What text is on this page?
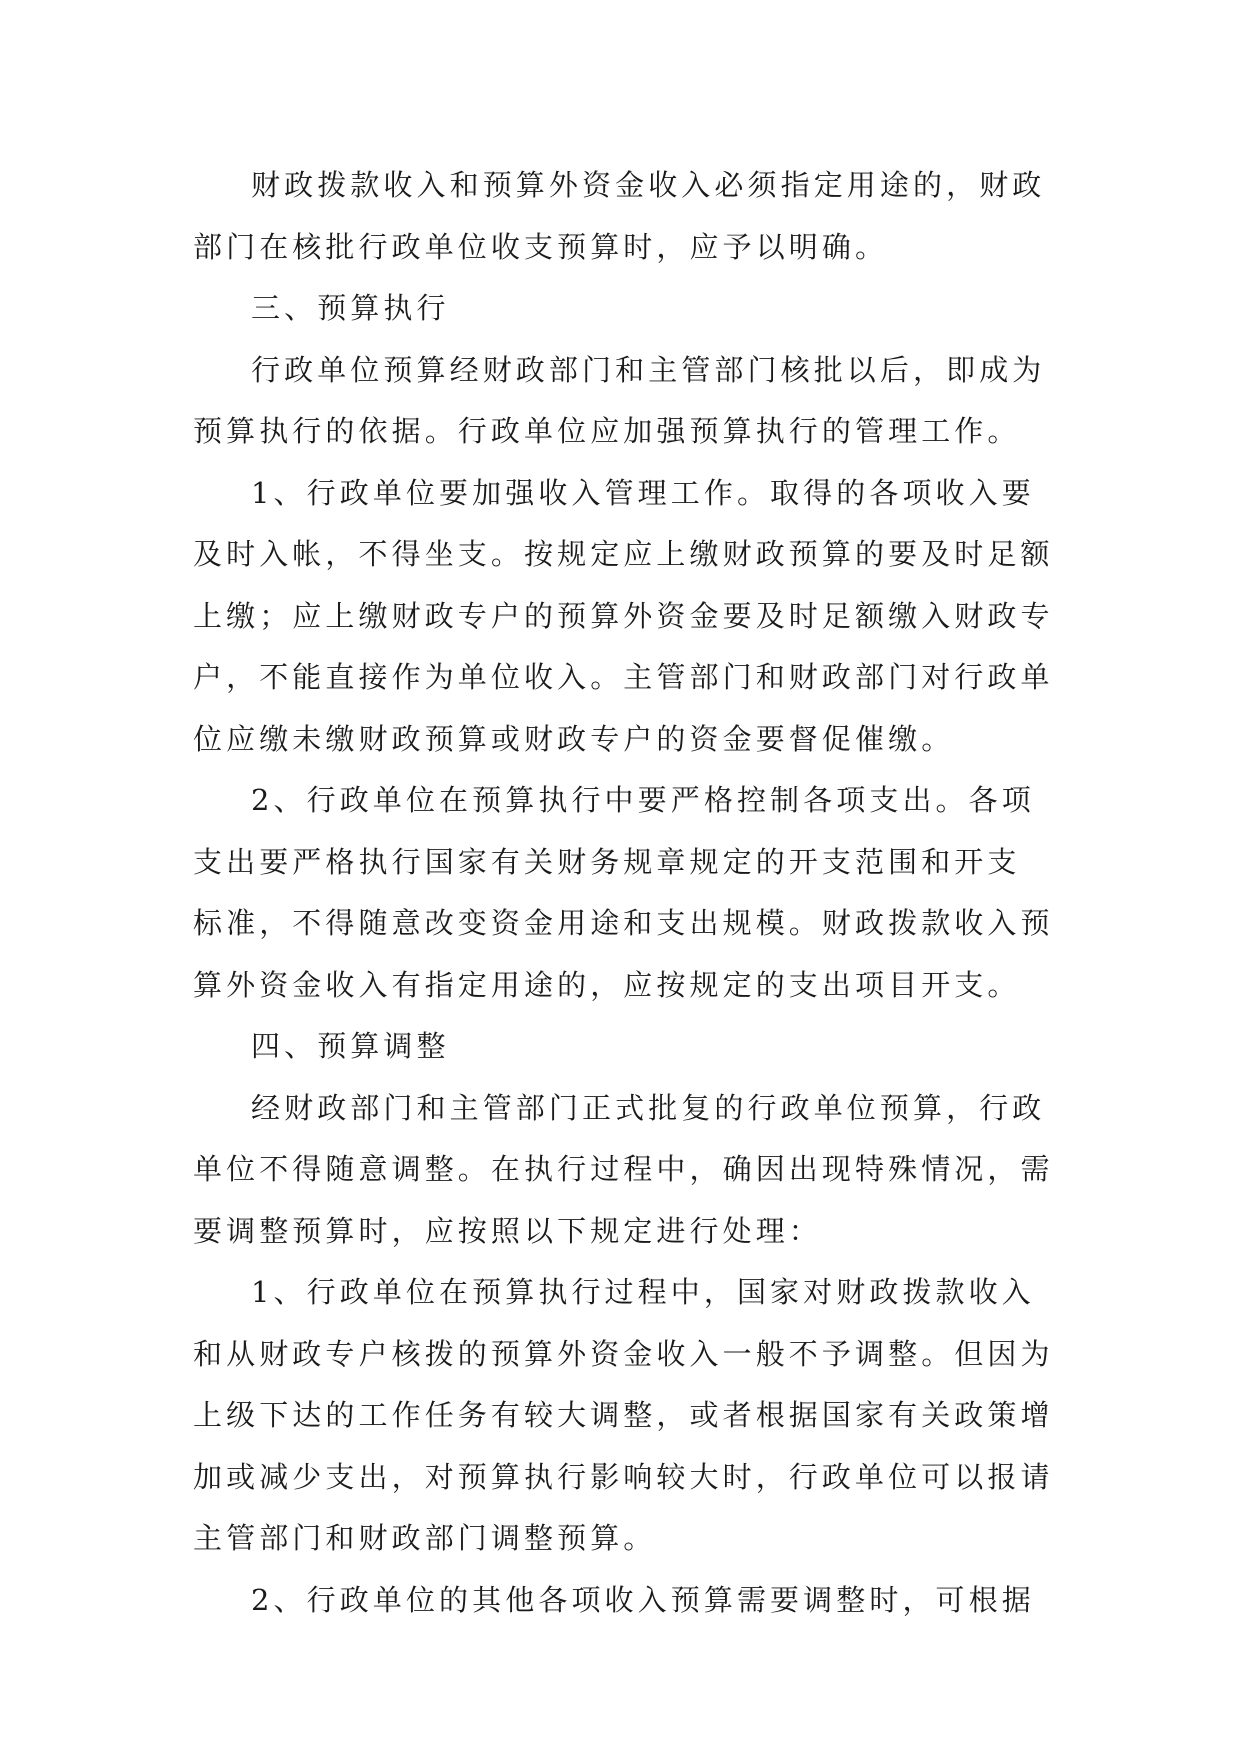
财政拨款收入和预算外资金收入必须指定用途的，财政
部门在核批行政单位收支预算时，应予以明确。

三、预算执行

行政单位预算经财政部门和主管部门核批以后，即成为
预算执行的依据。行政单位应加强预算执行的管理工作。

1、行政单位要加强收入管理工作。取得的各项收入要
及时入帐，不得坐支。按规定应上缴财政预算的要及时足额
上缴；应上缴财政专户的预算外资金要及时足额缴入财政专
户，不能直接作为单位收入。主管部门和财政部门对行政单
位应缴未缴财政预算或财政专户的资金要督促催缴。

2、行政单位在预算执行中要严格控制各项支出。各项
支出要严格执行国家有关财务规章规定的开支范围和开支
标准，不得随意改变资金用途和支出规模。财政拨款收入预
算外资金收入有指定用途的，应按规定的支出项目开支。

四、预算调整

经财政部门和主管部门正式批复的行政单位预算，行政
单位不得随意调整。在执行过程中，确因出现特殊情况，需
要调整预算时，应按照以下规定进行处理：

1、行政单位在预算执行过程中，国家对财政拨款收入
和从财政专户核拨的预算外资金收入一般不予调整。但因为
上级下达的工作任务有较大调整，或者根据国家有关政策增
加或减少支出，对预算执行影响较大时，行政单位可以报请
主管部门和财政部门调整预算。

2、行政单位的其他各项收入预算需要调整时，可根据
